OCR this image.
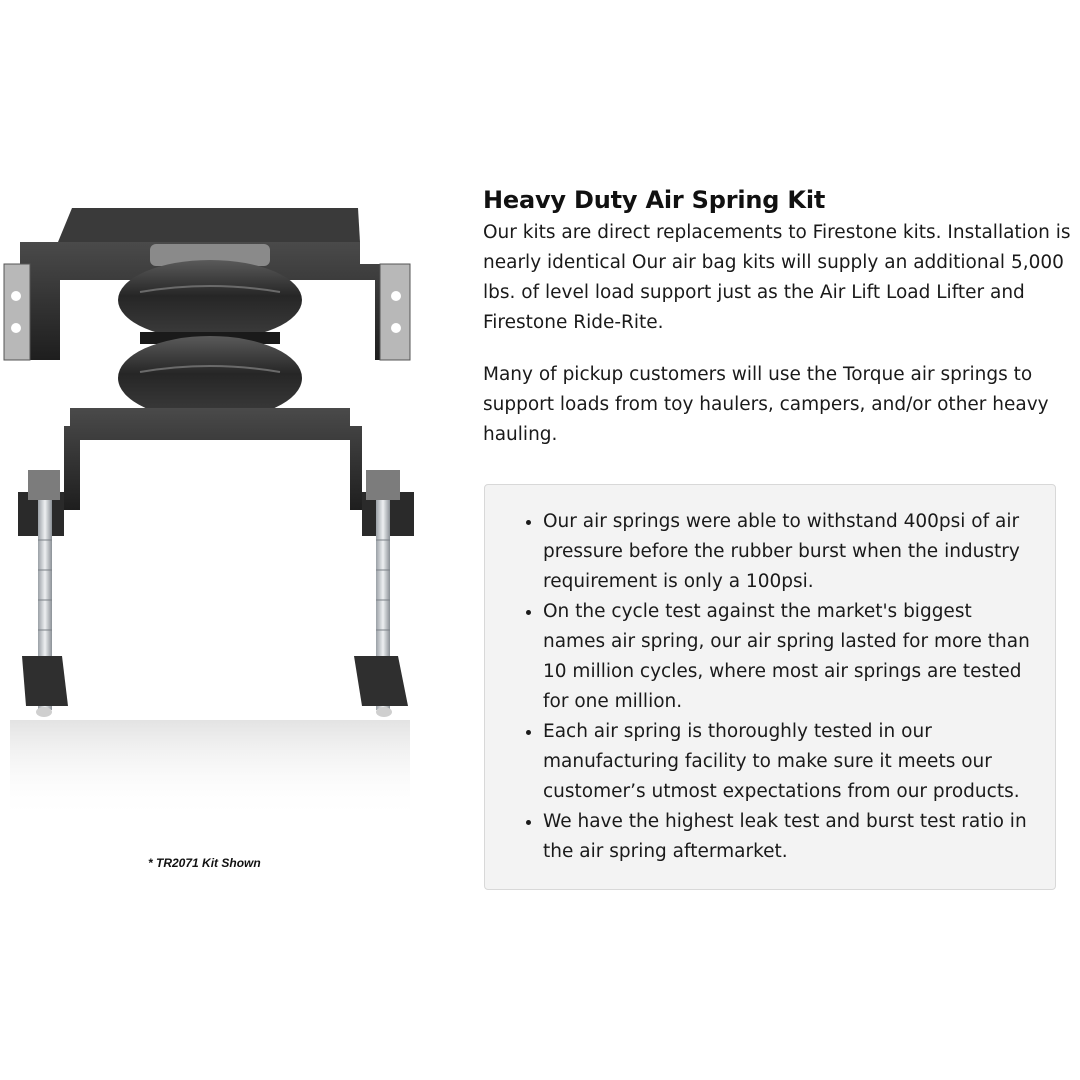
* TR2071 Kit Shown
Heavy Duty Air Spring Kit

Our kits are direct replacements to Firestone kits. Installation is nearly identical Our air bag kits will supply an additional 5,000 lbs. of level load support just as the Air Lift Load Lifter and Firestone Ride-Rite.

Many of pickup customers will use the Torque air springs to support loads from toy haulers, campers, and/or other heavy hauling.

• Our air springs were able to withstand 400psi of air pressure before the rubber burst when the industry requirement is only a 100psi.
• On the cycle test against the market's biggest names air spring, our air spring lasted for more than 10 million cycles, where most air springs are tested for one million.
• Each air spring is thoroughly tested in our manufacturing facility to make sure it meets our customer’s utmost expectations from our products.
• We have the highest leak test and burst test ratio in the air spring aftermarket.
